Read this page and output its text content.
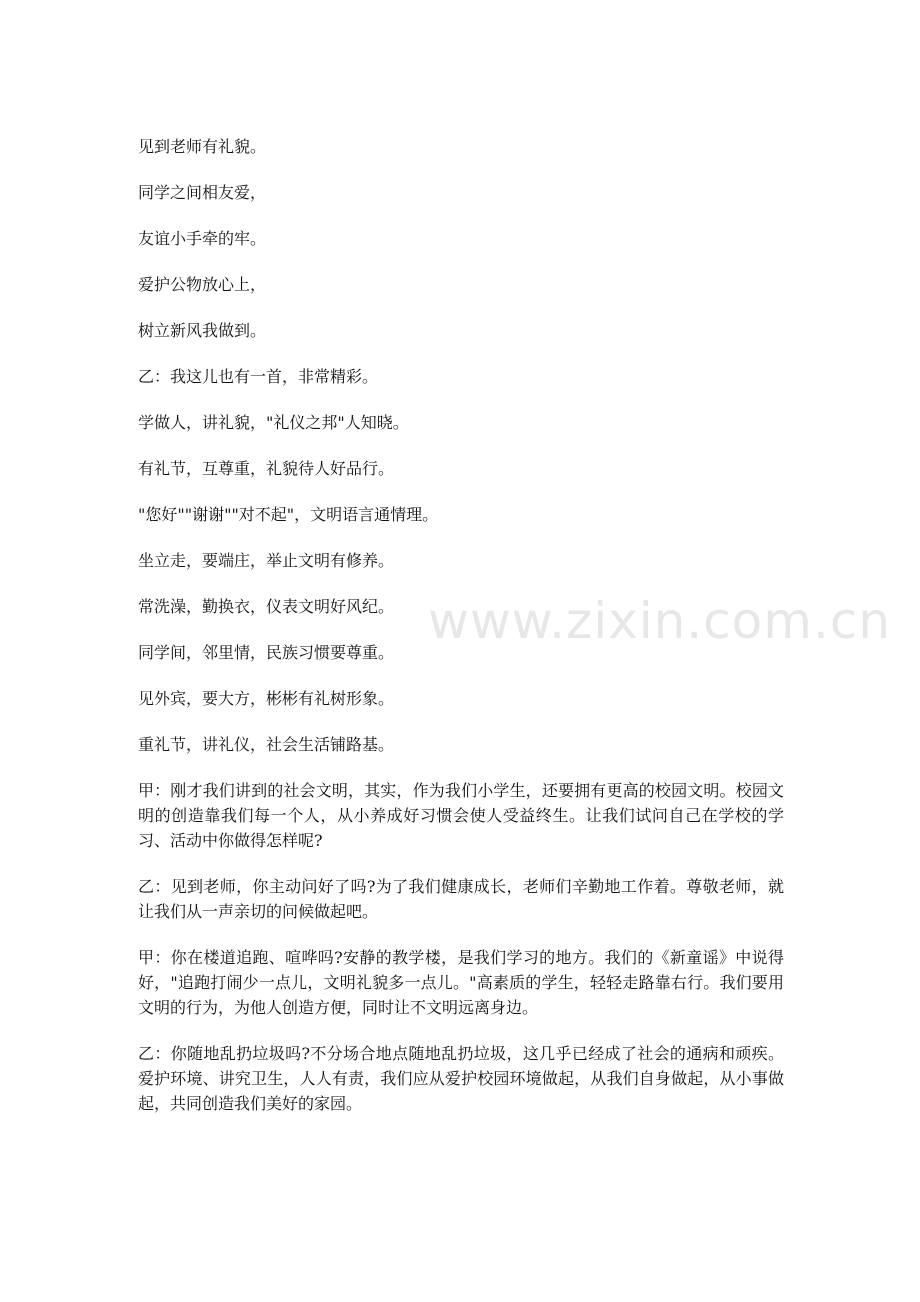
见到老师有礼貌。

同学之间相友爱，

友谊小手牵的牢。

爱护公物放心上，

树立新风我做到。

乙：我这儿也有一首，非常精彩。

学做人，讲礼貌，"礼仪之邦"人知晓。

有礼节，互尊重，礼貌待人好品行。

"您好""谢谢""对不起"，文明语言通情理。

坐立走，要端庄，举止文明有修养。

常洗澡，勤换衣，仪表文明好风纪。

同学间，邻里情，民族习惯要尊重。

见外宾，要大方，彬彬有礼树形象。

重礼节，讲礼仪，社会生活铺路基。

甲：刚才我们讲到的社会文明，其实，作为我们小学生，还要拥有更高的校园文明。校园文明的创造靠我们每一个人，从小养成好习惯会使人受益终生。让我们试问自己在学校的学习、活动中你做得怎样呢?

乙：见到老师，你主动问好了吗?为了我们健康成长，老师们辛勤地工作着。尊敬老师，就让我们从一声亲切的问候做起吧。

甲：你在楼道追跑、喧哗吗?安静的教学楼，是我们学习的地方。我们的《新童谣》中说得好，"追跑打闹少一点儿，文明礼貌多一点儿。"高素质的学生，轻轻走路靠右行。我们要用文明的行为，为他人创造方便，同时让不文明远离身边。

乙：你随地乱扔垃圾吗?不分场合地点随地乱扔垃圾，这几乎已经成了社会的通病和顽疾。爱护环境、讲究卫生，人人有责，我们应从爱护校园环境做起，从我们自身做起，从小事做起，共同创造我们美好的家园。

www.zixin.com.cn
